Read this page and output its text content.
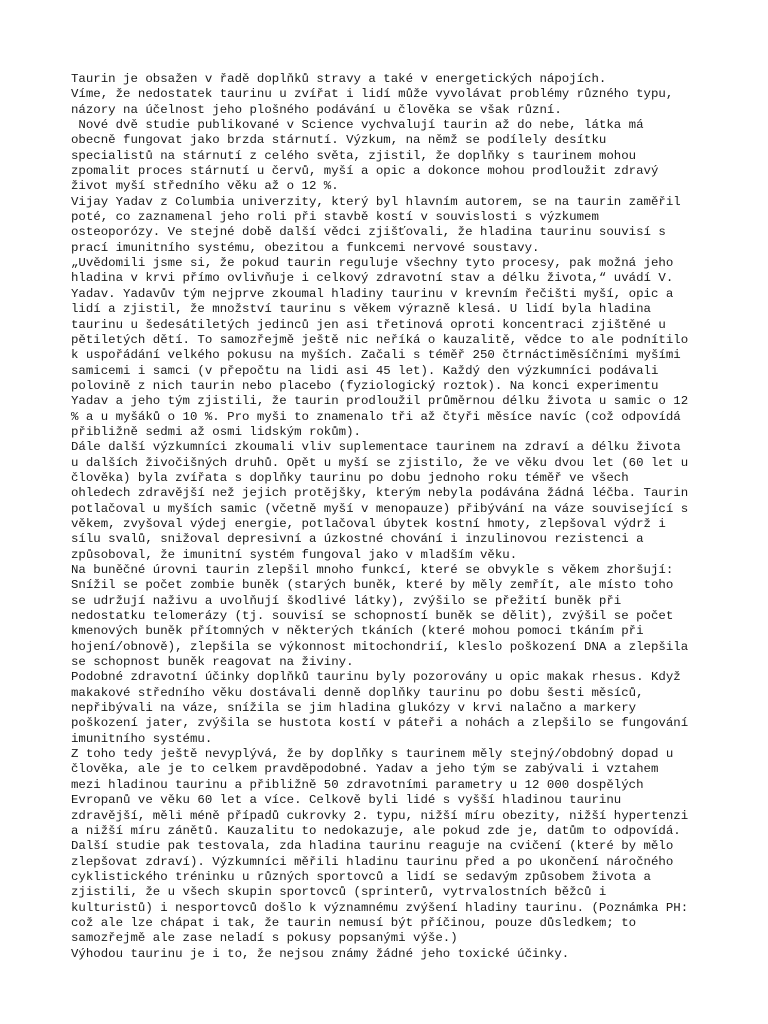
Taurin je obsažen v řadě doplňků stravy a také v energetických nápojích.
Víme, že nedostatek taurinu u zvířat i lidí může vyvolávat problémy různého typu,
názory na účelnost jeho plošného podávání u člověka se však různí.
Nové dvě studie publikované v Science vychvalují taurin až do nebe, látka má
obecně fungovat jako brzda stárnutí. Výzkum, na němž se podílely desítku
specialistů na stárnutí z celého světa, zjistil, že doplňky s taurinem mohou
zpomalit proces stárnutí u červů, myší a opic a dokonce mohou prodloužit zdravý
život myší středního věku až o 12 %.
Vijay Yadav z Columbia univerzity, který byl hlavním autorem, se na taurin zaměřil
poté, co zaznamenal jeho roli při stavbě kostí v souvislosti s výzkumem
osteoporózy. Ve stejné době další vědci zjišťovali, že hladina taurinu souvisí s
prací imunitního systému, obezitou a funkcemi nervové soustavy.
„Uvědomili jsme si, že pokud taurin reguluje všechny tyto procesy, pak možná jeho
hladina v krvi přímo ovlivňuje i celkový zdravotní stav a délku života,“ uvádí V.
Yadav. Yadavův tým nejprve zkoumal hladiny taurinu v krevním řečišti myší, opic a
lidí a zjistil, že množství taurinu s věkem výrazně klesá. U lidí byla hladina
taurinu u šedesátiletých jedinců jen asi třetinová oproti koncentraci zjištěné u
pětiletých dětí. To samozřejmě ještě nic neříká o kauzalitě, vědce to ale podnítilo
k uspořádání velkého pokusu na myších. Začali s téměř 250 čtrnáctiměsíčními myšími
samicemi i samci (v přepočtu na lidi asi 45 let). Každý den výzkumníci podávali
polovině z nich taurin nebo placebo (fyziologický roztok). Na konci experimentu
Yadav a jeho tým zjistili, že taurin prodloužil průměrnou délku života u samic o 12
% a u myšáků o 10 %. Pro myši to znamenalo tři až čtyři měsíce navíc (což odpovídá
přibližně sedmi až osmi lidským rokům).
Dále další výzkumníci zkoumali vliv suplementace taurinem na zdraví a délku života
u dalších živočišných druhů. Opět u myší se zjistilo, že ve věku dvou let (60 let u
člověka) byla zvířata s doplňky taurinu po dobu jednoho roku téměř ve všech
ohledech zdravější než jejich protějšky, kterým nebyla podávána žádná léčba. Taurin
potlačoval u myších samic (včetně myší v menopauze) přibývání na váze související s
věkem, zvyšoval výdej energie, potlačoval úbytek kostní hmoty, zlepšoval výdrž i
sílu svalů, snižoval depresivní a úzkostné chování i inzulinovou rezistenci a
způsoboval, že imunitní systém fungoval jako v mladším věku.
Na buněčné úrovni taurin zlepšil mnoho funkcí, které se obvykle s věkem zhoršují:
Snížil se počet zombie buněk (starých buněk, které by měly zemřít, ale místo toho
se udržují naživu a uvolňují škodlivé látky), zvýšilo se přežití buněk při
nedostatku telomerázy (tj. souvisí se schopností buněk se dělit), zvýšil se počet
kmenových buněk přítomných v některých tkáních (které mohou pomoci tkáním při
hojení/obnově), zlepšila se výkonnost mitochondrií, kleslo poškození DNA a zlepšila
se schopnost buněk reagovat na živiny.
Podobné zdravotní účinky doplňků taurinu byly pozorovány u opic makak rhesus. Když
makakové středního věku dostávali denně doplňky taurinu po dobu šesti měsíců,
nepřibývali na váze, snížila se jim hladina glukózy v krvi nalačno a markery
poškození jater, zvýšila se hustota kostí v páteři a nohách a zlepšilo se fungování
imunitního systému.
Z toho tedy ještě nevyplývá, že by doplňky s taurinem měly stejný/obdobný dopad u
člověka, ale je to celkem pravděpodobné. Yadav a jeho tým se zabývali i vztahem
mezi hladinou taurinu a přibližně 50 zdravotními parametry u 12 000 dospělých
Evropanů ve věku 60 let a více. Celkově byli lidé s vyšší hladinou taurinu
zdravější, měli méně případů cukrovky 2. typu, nižší míru obezity, nižší hypertenzi
a nižší míru zánětů. Kauzalitu to nedokazuje, ale pokud zde je, datům to odpovídá.
Další studie pak testovala, zda hladina taurinu reaguje na cvičení (které by mělo
zlepšovat zdraví). Výzkumníci měřili hladinu taurinu před a po ukončení náročného
cyklistického tréninku u různých sportovců a lidí se sedavým způsobem života a
zjistili, že u všech skupin sportovců (sprinterů, vytrvalostních běžců i
kulturistů) i nesportovců došlo k významnému zvýšení hladiny taurinu. (Poznámka PH:
což ale lze chápat i tak, že taurin nemusí být příčinou, pouze důsledkem; to
samozřejmě ale zase neladí s pokusy popsanými výše.)
Výhodou taurinu je i to, že nejsou známy žádné jeho toxické účinky.
